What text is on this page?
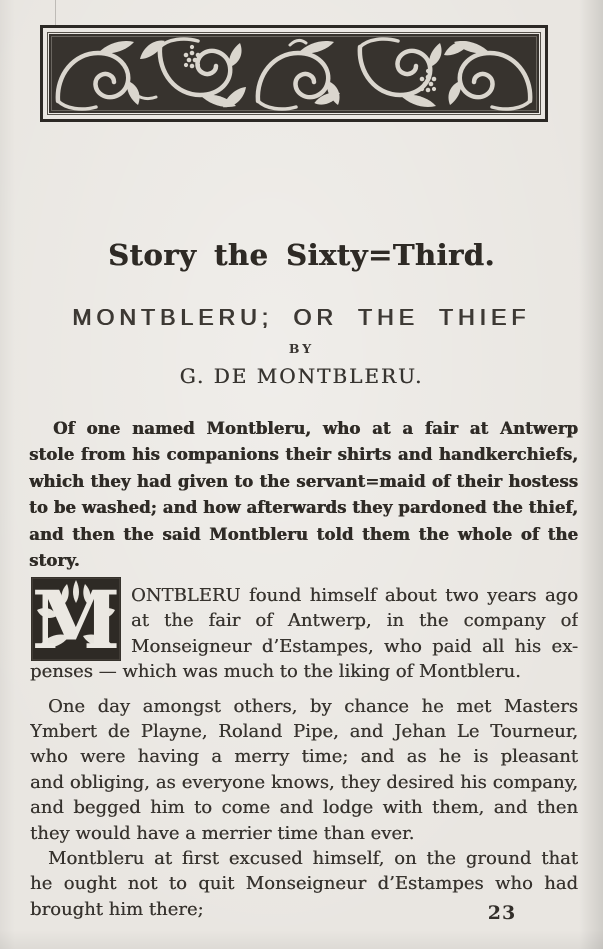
Story the Sixty=Third.
MONTBLERU; OR THE THIEF
BY
G. DE MONTBLERU.
Of one named Montbleru, who at a fair at Antwerp
stole from his companions their shirts and handkerchiefs,
which they had given to the servant=maid of their hostess
to be washed; and how afterwards they pardoned the thief,
and then the said Montbleru told them the whole of the story.
M ONTBLERU found himself about two years ago
at the fair of Antwerp, in the company of
Monseigneur d’Estampes, who paid all his ex-
penses — which was much to the liking of Montbleru.
One day amongst others, by chance he met Masters
Ymbert de Playne, Roland Pipe, and Jehan Le Tourneur,
who were having a merry time; and as he is pleasant
and obliging, as everyone knows, they desired his company,
and begged him to come and lodge with them, and then
they would have a merrier time than ever.
Montbleru at first excused himself, on the ground that
he ought not to quit Monseigneur d’Estampes who had
brought him there;	23
